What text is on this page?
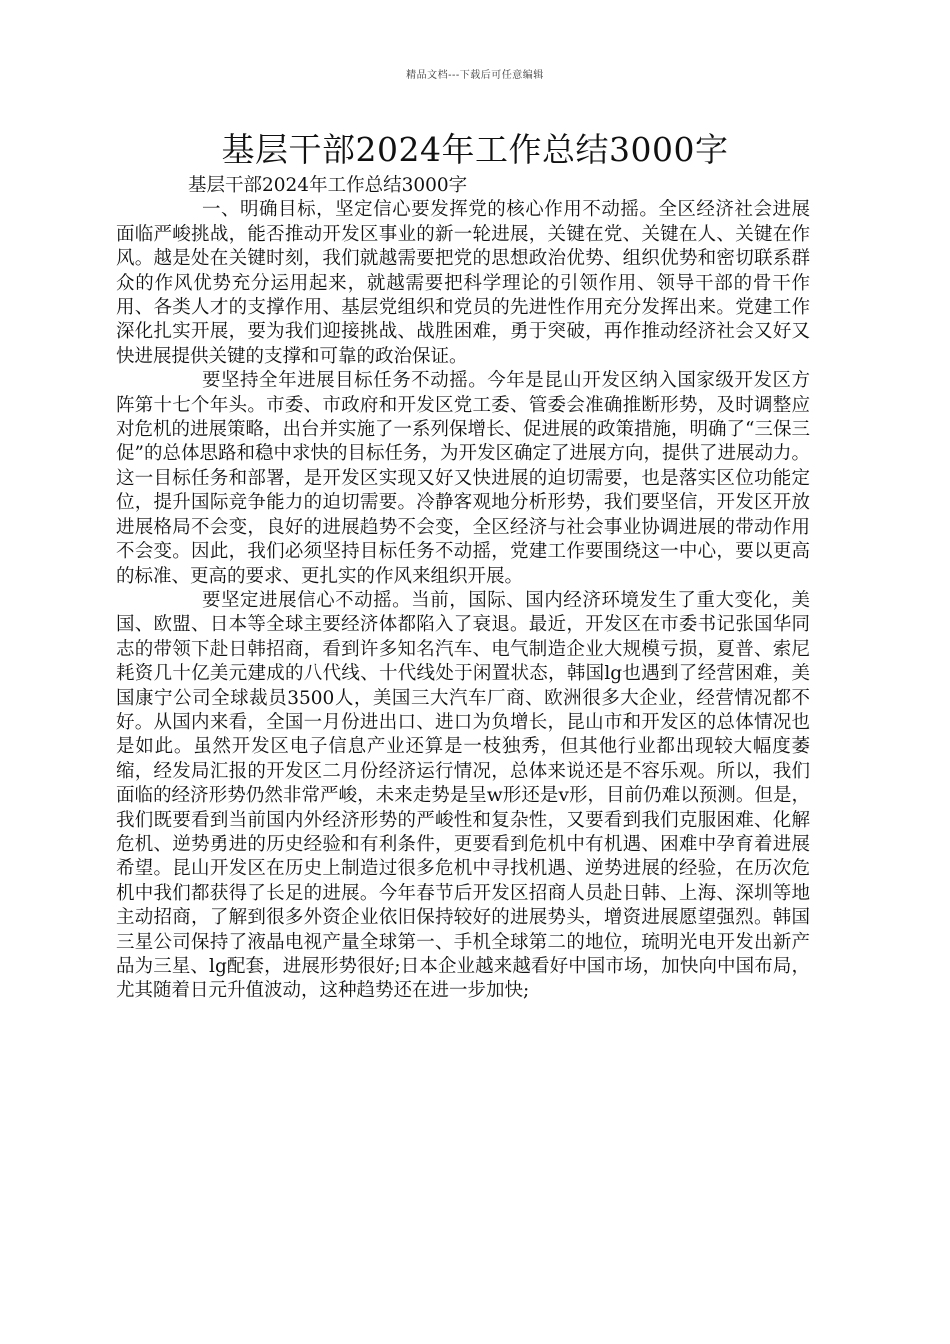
精品文档---下载后可任意编辑
基层干部2024年工作总结3000字

基层干部2024年工作总结3000字

一、明确目标，坚定信心要发挥党的核心作用不动摇。全区经济社会进展面临严峻挑战，能否推动开发区事业的新一轮进展，关键在党、关键在人、关键在作风。越是处在关键时刻，我们就越需要把党的思想政治优势、组织优势和密切联系群众的作风优势充分运用起来，就越需要把科学理论的引领作用、领导干部的骨干作用、各类人才的支撑作用、基层党组织和党员的先进性作用充分发挥出来。党建工作深化扎实开展，要为我们迎接挑战、战胜困难，勇于突破，再作推动经济社会又好又快进展提供关键的支撑和可靠的政治保证。

要坚持全年进展目标任务不动摇。今年是昆山开发区纳入国家级开发区方阵第十七个年头。市委、市政府和开发区党工委、管委会准确推断形势，及时调整应对危机的进展策略，出台并实施了一系列保增长、促进展的政策措施，明确了“三保三促”的总体思路和稳中求快的目标任务，为开发区确定了进展方向，提供了进展动力。这一目标任务和部署，是开发区实现又好又快进展的迫切需要，也是落实区位功能定位，提升国际竞争能力的迫切需要。冷静客观地分析形势，我们要坚信，开发区开放进展格局不会变，良好的进展趋势不会变，全区经济与社会事业协调进展的带动作用不会变。因此，我们必须坚持目标任务不动摇，党建工作要围绕这一中心，要以更高的标准、更高的要求、更扎实的作风来组织开展。

要坚定进展信心不动摇。当前，国际、国内经济环境发生了重大变化，美国、欧盟、日本等全球主要经济体都陷入了衰退。最近，开发区在市委书记张国华同志的带领下赴日韩招商，看到许多知名汽车、电气制造企业大规模亏损，夏普、索尼耗资几十亿美元建成的八代线、十代线处于闲置状态，韩国lg也遇到了经营困难，美国康宁公司全球裁员3500人，美国三大汽车厂商、欧洲很多大企业，经营情况都不好。从国内来看，全国一月份进出口、进口为负增长，昆山市和开发区的总体情况也是如此。虽然开发区电子信息产业还算是一枝独秀，但其他行业都出现较大幅度萎缩，经发局汇报的开发区二月份经济运行情况，总体来说还是不容乐观。所以，我们面临的经济形势仍然非常严峻，未来走势是呈w形还是v形，目前仍难以预测。但是，我们既要看到当前国内外经济形势的严峻性和复杂性，又要看到我们克服困难、化解危机、逆势勇进的历史经验和有利条件，更要看到危机中有机遇、困难中孕育着进展希望。昆山开发区在历史上制造过很多危机中寻找机遇、逆势进展的经验，在历次危机中我们都获得了长足的进展。今年春节后开发区招商人员赴日韩、上海、深圳等地主动招商，了解到很多外资企业依旧保持较好的进展势头，增资进展愿望强烈。韩国三星公司保持了液晶电视产量全球第一、手机全球第二的地位，琉明光电开发出新产品为三星、lg配套，进展形势很好;日本企业越来越看好中国市场，加快向中国布局，尤其随着日元升值波动，这种趋势还在进一步加快;
